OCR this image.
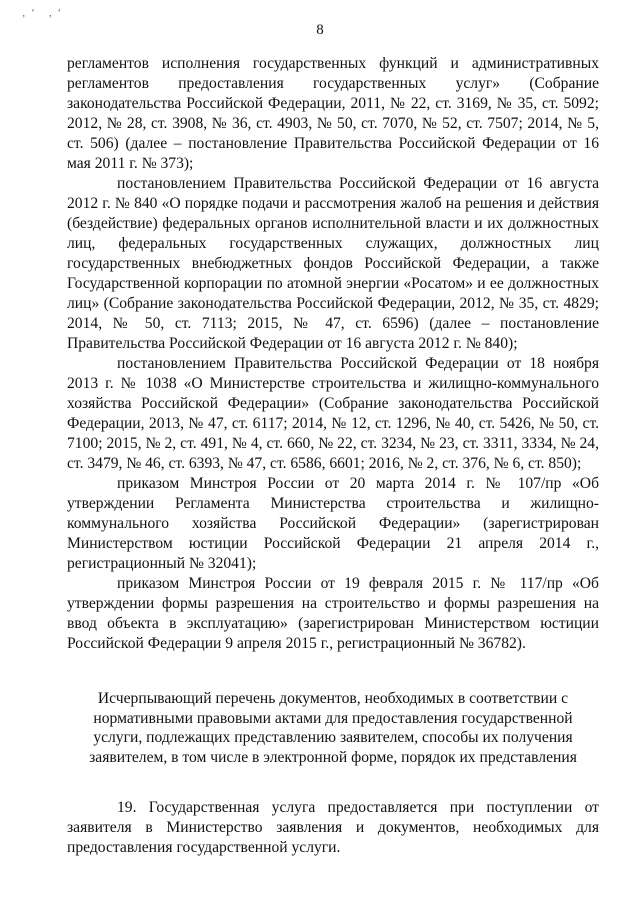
‚ʻ ,ʻ
8

регламентов исполнения государственных функций и административных регламентов предоставления государственных услуг» (Собрание законодательства Российской Федерации, 2011, № 22, ст. 3169, № 35, ст. 5092; 2012, № 28, ст. 3908, № 36, ст. 4903, № 50, ст. 7070, № 52, ст. 7507; 2014, № 5, ст. 506) (далее – постановление Правительства Российской Федерации от 16 мая 2011 г. № 373);

постановлением Правительства Российской Федерации от 16 августа 2012 г. № 840 «О порядке подачи и рассмотрения жалоб на решения и действия (бездействие) федеральных органов исполнительной власти и их должностных лиц, федеральных государственных служащих, должностных лиц государственных внебюджетных фондов Российской Федерации, а также Государственной корпорации по атомной энергии «Росатом» и ее должностных лиц» (Собрание законодательства Российской Федерации, 2012, № 35, ст. 4829; 2014, № 50, ст. 7113; 2015, № 47, ст. 6596) (далее – постановление Правительства Российской Федерации от 16 августа 2012 г. № 840);

постановлением Правительства Российской Федерации от 18 ноября 2013 г. № 1038 «О Министерстве строительства и жилищно-коммунального хозяйства Российской Федерации» (Собрание законодательства Российской Федерации, 2013, № 47, ст. 6117; 2014, № 12, ст. 1296, № 40, ст. 5426, № 50, ст. 7100; 2015, № 2, ст. 491, № 4, ст. 660, № 22, ст. 3234, № 23, ст. 3311, 3334, № 24, ст. 3479, № 46, ст. 6393, № 47, ст. 6586, 6601; 2016, № 2, ст. 376, № 6, ст. 850);

приказом Минстроя России от 20 марта 2014 г. № 107/пр «Об утверждении Регламента Министерства строительства и жилищно-коммунального хозяйства Российской Федерации» (зарегистрирован Министерством юстиции Российской Федерации 21 апреля 2014 г., регистрационный № 32041);

приказом Минстроя России от 19 февраля 2015 г. № 117/пр «Об утверждении формы разрешения на строительство и формы разрешения на ввод объекта в эксплуатацию» (зарегистрирован Министерством юстиции Российской Федерации 9 апреля 2015 г., регистрационный № 36782).

Исчерпывающий перечень документов, необходимых в соответствии с нормативными правовыми актами для предоставления государственной услуги, подлежащих представлению заявителем, способы их получения заявителем, в том числе в электронной форме, порядок их представления

19. Государственная услуга предоставляется при поступлении от заявителя в Министерство заявления и документов, необходимых для предоставления государственной услуги.
